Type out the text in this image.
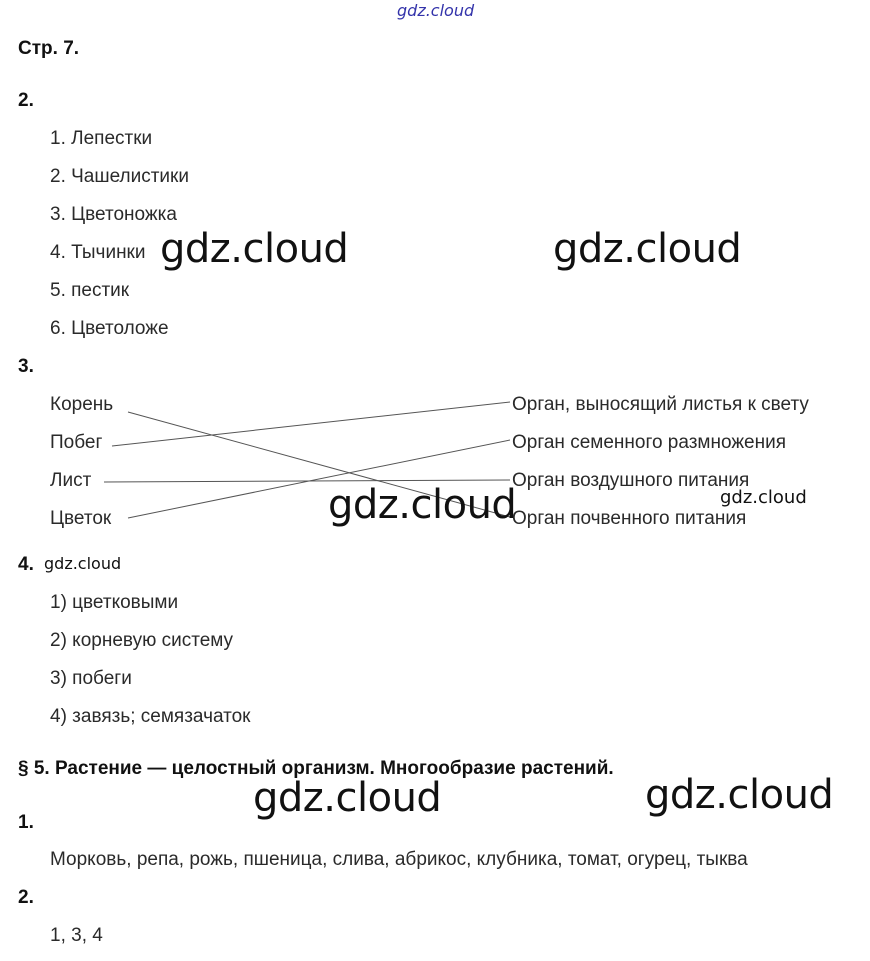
gdz.cloud
Стр. 7.
2.
1. Лепестки
2. Чашелистики
3. Цветоножка
4. Тычинки
5. пестик
6. Цветоложе
3.
Корень
Побег
Лист
Цветок
Орган, выносящий листья к свету
Орган семенного размножения
Орган воздушного питания
Орган почвенного питания
4. gdz.cloud
1) цветковыми
2) корневую систему
3) побеги
4) завязь; семязачаток
§ 5. Растение — целостный организм. Многообразие растений.
1.
Морковь, репа, рожь, пшеница, слива, абрикос, клубника, томат, огурец, тыква
2.
1, 3, 4
gdz.cloud	gdz.cloud
gdz.cloud	gdz.cloud
gdz.cloud	gdz.cloud
